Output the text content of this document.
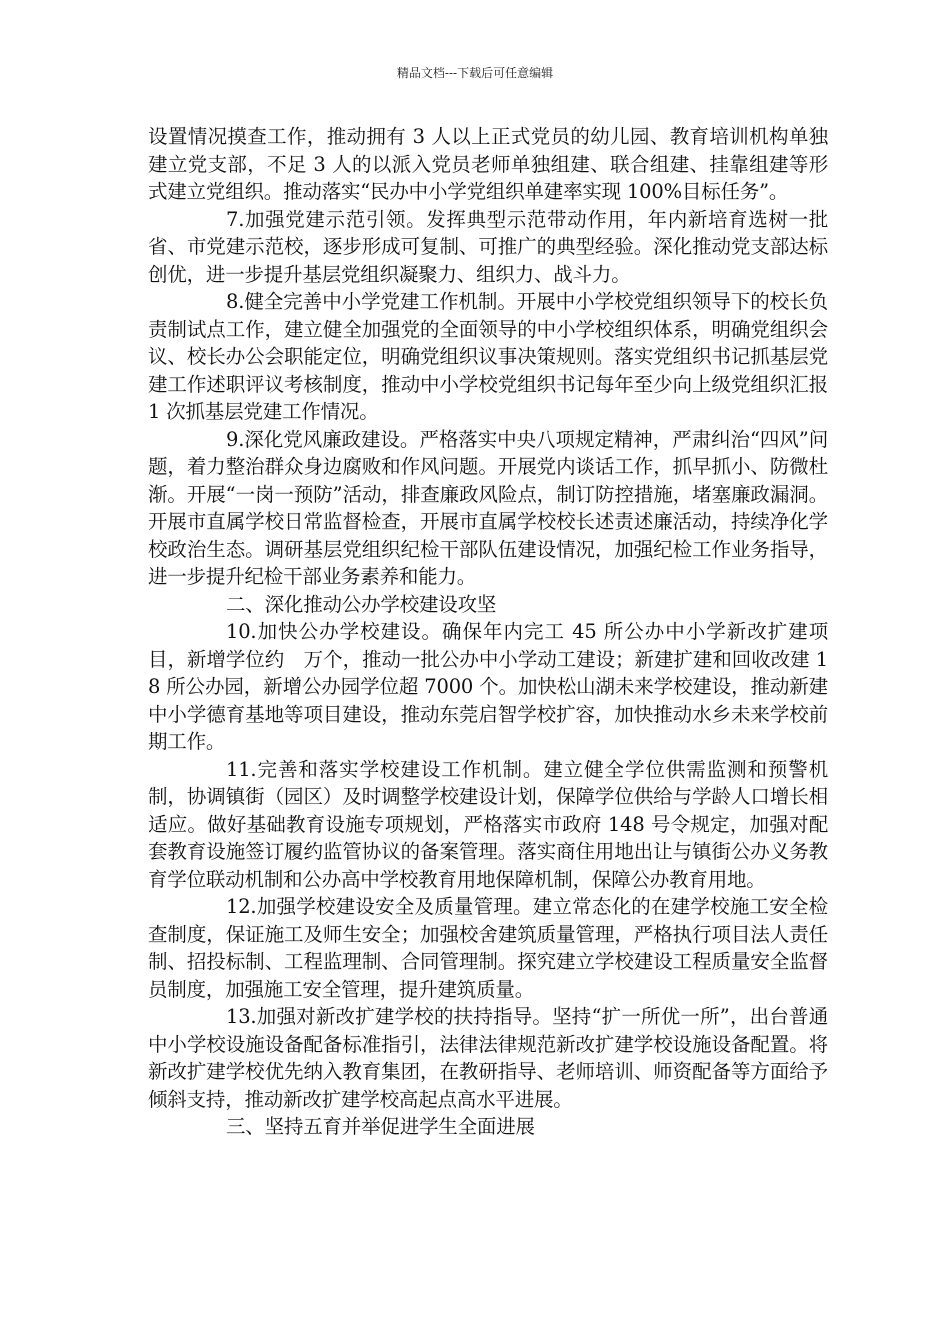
精品文档---下载后可任意编辑

设置情况摸查工作，推动拥有 3 人以上正式党员的幼儿园、教育培训机构单独建立党支部，不足 3 人的以派入党员老师单独组建、联合组建、挂靠组建等形式建立党组织。推动落实“民办中小学党组织单建率实现 100%目标任务”。

7.加强党建示范引领。发挥典型示范带动作用，年内新培育选树一批省、市党建示范校，逐步形成可复制、可推广的典型经验。深化推动党支部达标创优，进一步提升基层党组织凝聚力、组织力、战斗力。

8.健全完善中小学党建工作机制。开展中小学校党组织领导下的校长负责制试点工作，建立健全加强党的全面领导的中小学校组织体系，明确党组织会议、校长办公会职能定位，明确党组织议事决策规则。落实党组织书记抓基层党建工作述职评议考核制度，推动中小学校党组织书记每年至少向上级党组织汇报 1 次抓基层党建工作情况。

9.深化党风廉政建设。严格落实中央八项规定精神，严肃纠治“四风”问题，着力整治群众身边腐败和作风问题。开展党内谈话工作，抓早抓小、防微杜渐。开展“一岗一预防”活动，排查廉政风险点，制订防控措施，堵塞廉政漏洞。开展市直属学校日常监督检查，开展市直属学校校长述责述廉活动，持续净化学校政治生态。调研基层党组织纪检干部队伍建设情况，加强纪检工作业务指导，进一步提升纪检干部业务素养和能力。

二、深化推动公办学校建设攻坚

10.加快公办学校建设。确保年内完工 45 所公办中小学新改扩建项目，新增学位约　万个，推动一批公办中小学动工建设；新建扩建和回收改建 18 所公办园，新增公办园学位超 7000 个。加快松山湖未来学校建设，推动新建中小学德育基地等项目建设，推动东莞启智学校扩容，加快推动水乡未来学校前期工作。

11.完善和落实学校建设工作机制。建立健全学位供需监测和预警机制，协调镇街（园区）及时调整学校建设计划，保障学位供给与学龄人口增长相适应。做好基础教育设施专项规划，严格落实市政府 148 号令规定，加强对配套教育设施签订履约监管协议的备案管理。落实商住用地出让与镇街公办义务教育学位联动机制和公办高中学校教育用地保障机制，保障公办教育用地。

12.加强学校建设安全及质量管理。建立常态化的在建学校施工安全检查制度，保证施工及师生安全；加强校舍建筑质量管理，严格执行项目法人责任制、招投标制、工程监理制、合同管理制。探究建立学校建设工程质量安全监督员制度，加强施工安全管理，提升建筑质量。

13.加强对新改扩建学校的扶持指导。坚持“扩一所优一所”，出台普通中小学校设施设备配备标准指引，法律法律规范新改扩建学校设施设备配置。将新改扩建学校优先纳入教育集团，在教研指导、老师培训、师资配备等方面给予倾斜支持，推动新改扩建学校高起点高水平进展。

三、坚持五育并举促进学生全面进展
